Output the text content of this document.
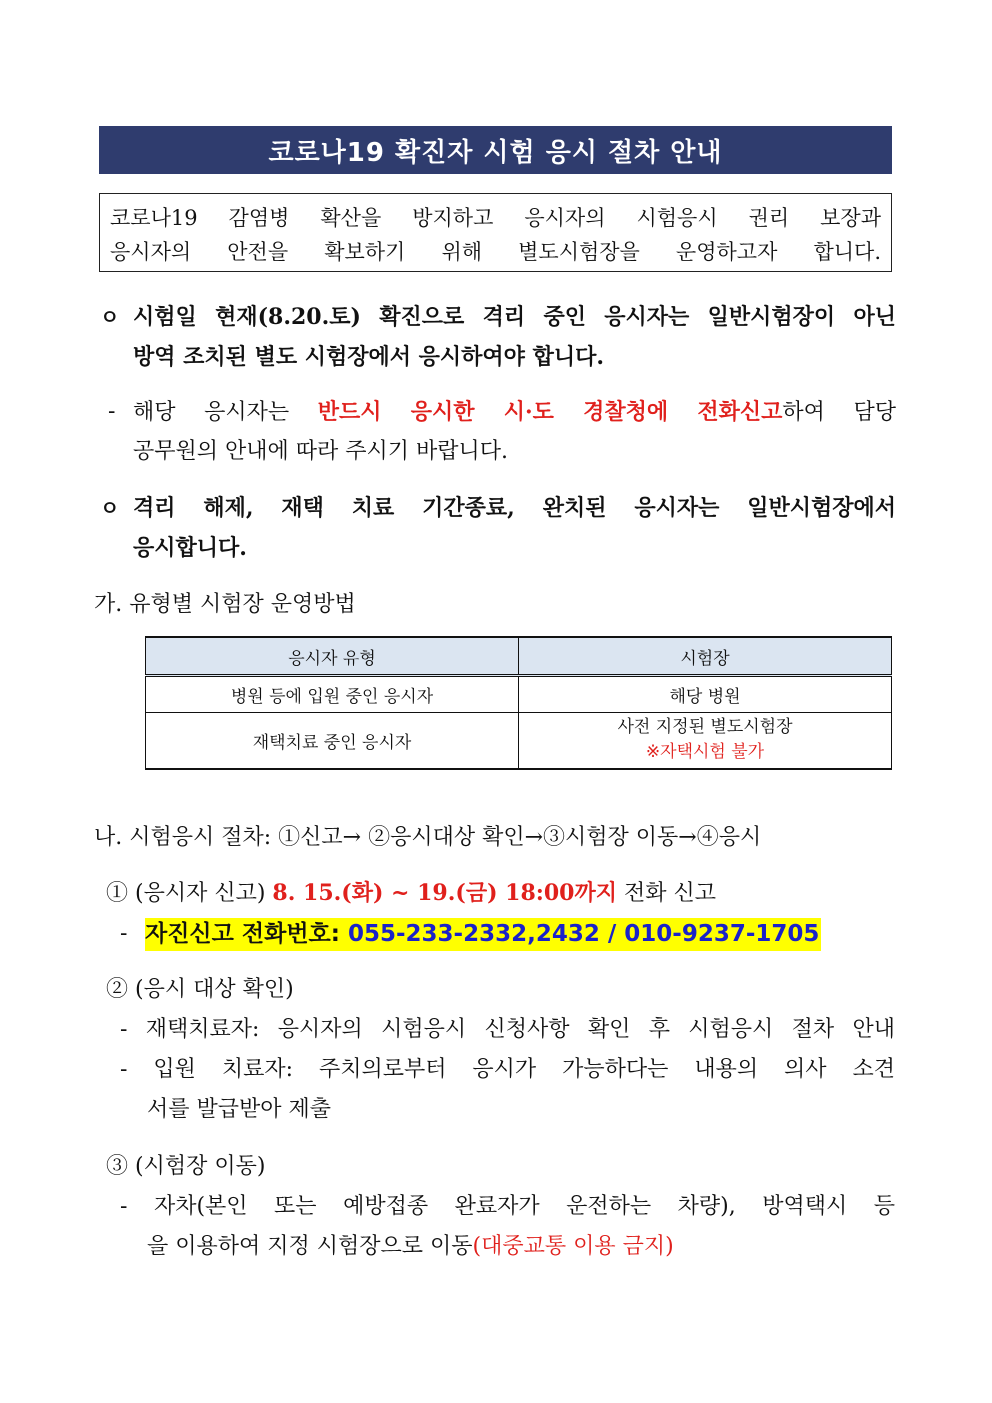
코로나19 확진자 시험 응시 절차 안내
코로나19 감염병 확산을 방지하고 응시자의 시험응시 권리 보장과
응시자의 안전을 확보하기 위해 별도시험장을 운영하고자 합니다.
ㅇ 시험일 현재(8.20.토) 확진으로 격리 중인 응시자는 일반시험장이 아닌
방역 조치된 별도 시험장에서 응시하여야 합니다.
- 해당 응시자는 반드시 응시한 시·도 경찰청에 전화신고하여 담당
공무원의 안내에 따라 주시기 바랍니다.
ㅇ 격리 해제, 재택 치료 기간종료, 완치된 응시자는 일반시험장에서
응시합니다.
가. 유형별 시험장 운영방법
응시자 유형	시험장
병원 등에 입원 중인 응시자	해당 병원
재택치료 중인 응시자	사전 지정된 별도시험장
※자택시험 불가
나. 시험응시 절차: ①신고→ ②응시대상 확인→③시험장 이동→④응시
① (응시자 신고) 8. 15.(화) ~ 19.(금) 18:00까지 전화 신고
- 자진신고 전화번호: 055-233-2332,2432 / 010-9237-1705
② (응시 대상 확인)
- 재택치료자: 응시자의 시험응시 신청사항 확인 후 시험응시 절차 안내
- 입원 치료자: 주치의로부터 응시가 가능하다는 내용의 의사 소견
서를 발급받아 제출
③ (시험장 이동)
- 자차(본인 또는 예방접종 완료자가 운전하는 차량), 방역택시 등
을 이용하여 지정 시험장으로 이동(대중교통 이용 금지)
